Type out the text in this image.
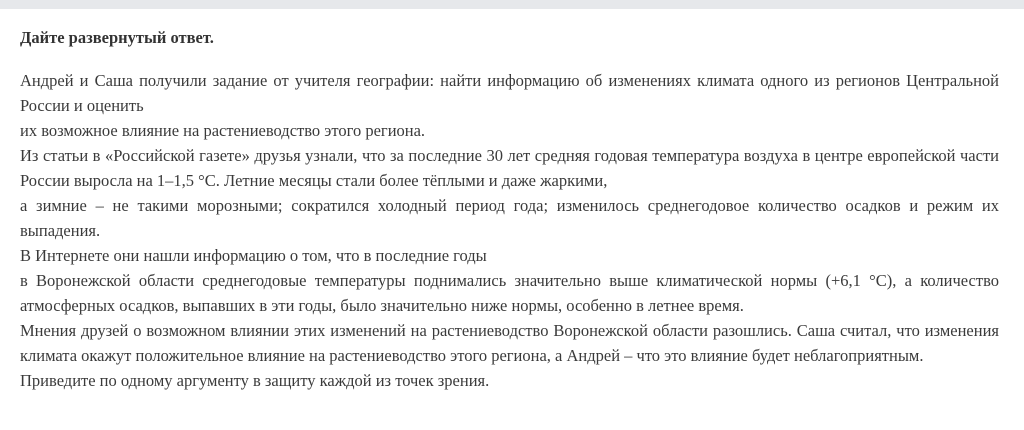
Дайте развернутый ответ.

Андрей и Саша получили задание от учителя географии: найти информацию об изменениях климата одного из регионов Центральной России и оценить

их возможное влияние на растениеводство этого региона.

Из статьи в «Российской газете» друзья узнали, что за последние 30 лет средняя годовая температура воздуха в центре европейской части России выросла на 1–1,5 °С. Летние месяцы стали более тёплыми и даже жаркими,

а зимние – не такими морозными; сократился холодный период года; изменилось среднегодовое количество осадков и режим их выпадения.

В Интернете они нашли информацию о том, что в последние годы

в Воронежской области среднегодовые температуры поднимались значительно выше климатической нормы (+6,1 °С), а количество атмосферных осадков, выпавших в эти годы, было значительно ниже нормы, особенно в летнее время.

Мнения друзей о возможном влиянии этих изменений на растениеводство Воронежской области разошлись. Саша считал, что изменения климата окажут положительное влияние на растениеводство этого региона, а Андрей – что это влияние будет неблагоприятным.

Приведите по одному аргументу в защиту каждой из точек зрения.
